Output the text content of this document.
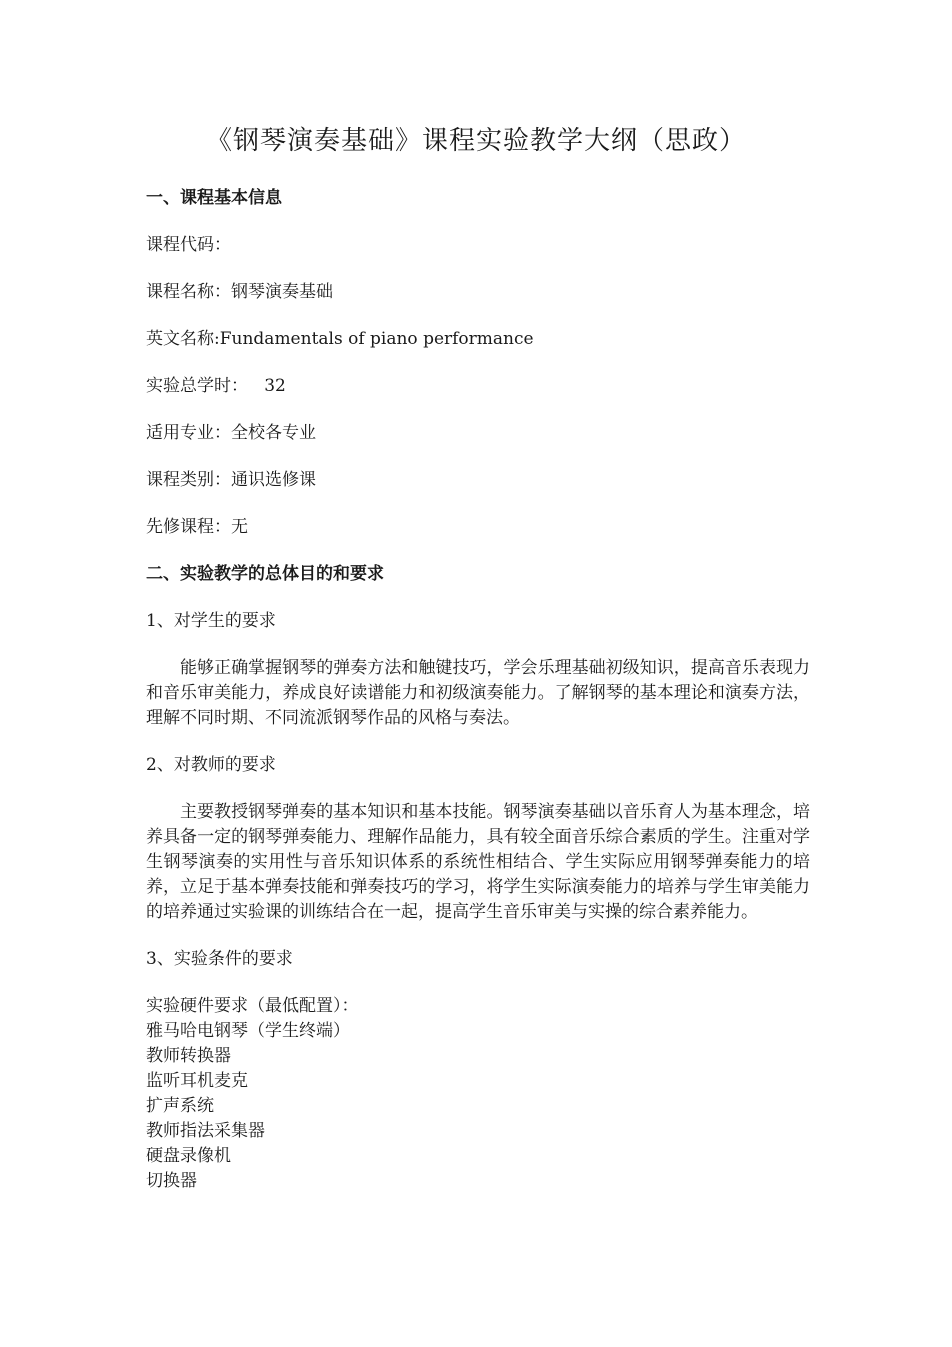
《钢琴演奏基础》课程实验教学大纲（思政）
一、课程基本信息
课程代码：
课程名称：钢琴演奏基础
英文名称:Fundamentals of piano performance
实验总学时：   32
适用专业：全校各专业
课程类别：通识选修课
先修课程：无
二、实验教学的总体目的和要求
1、对学生的要求
能够正确掌握钢琴的弹奏方法和触键技巧，学会乐理基础初级知识，提高音乐表现力和音乐审美能力，养成良好读谱能力和初级演奏能力。了解钢琴的基本理论和演奏方法，理解不同时期、不同流派钢琴作品的风格与奏法。
2、对教师的要求
主要教授钢琴弹奏的基本知识和基本技能。钢琴演奏基础以音乐育人为基本理念，培养具备一定的钢琴弹奏能力、理解作品能力，具有较全面音乐综合素质的学生。注重对学生钢琴演奏的实用性与音乐知识体系的系统性相结合、学生实际应用钢琴弹奏能力的培养，立足于基本弹奏技能和弹奏技巧的学习，将学生实际演奏能力的培养与学生审美能力的培养通过实验课的训练结合在一起，提高学生音乐审美与实操的综合素养能力。
3、实验条件的要求
实验硬件要求（最低配置）：
雅马哈电钢琴（学生终端）
教师转换器
监听耳机麦克
扩声系统
教师指法采集器
硬盘录像机
切换器
